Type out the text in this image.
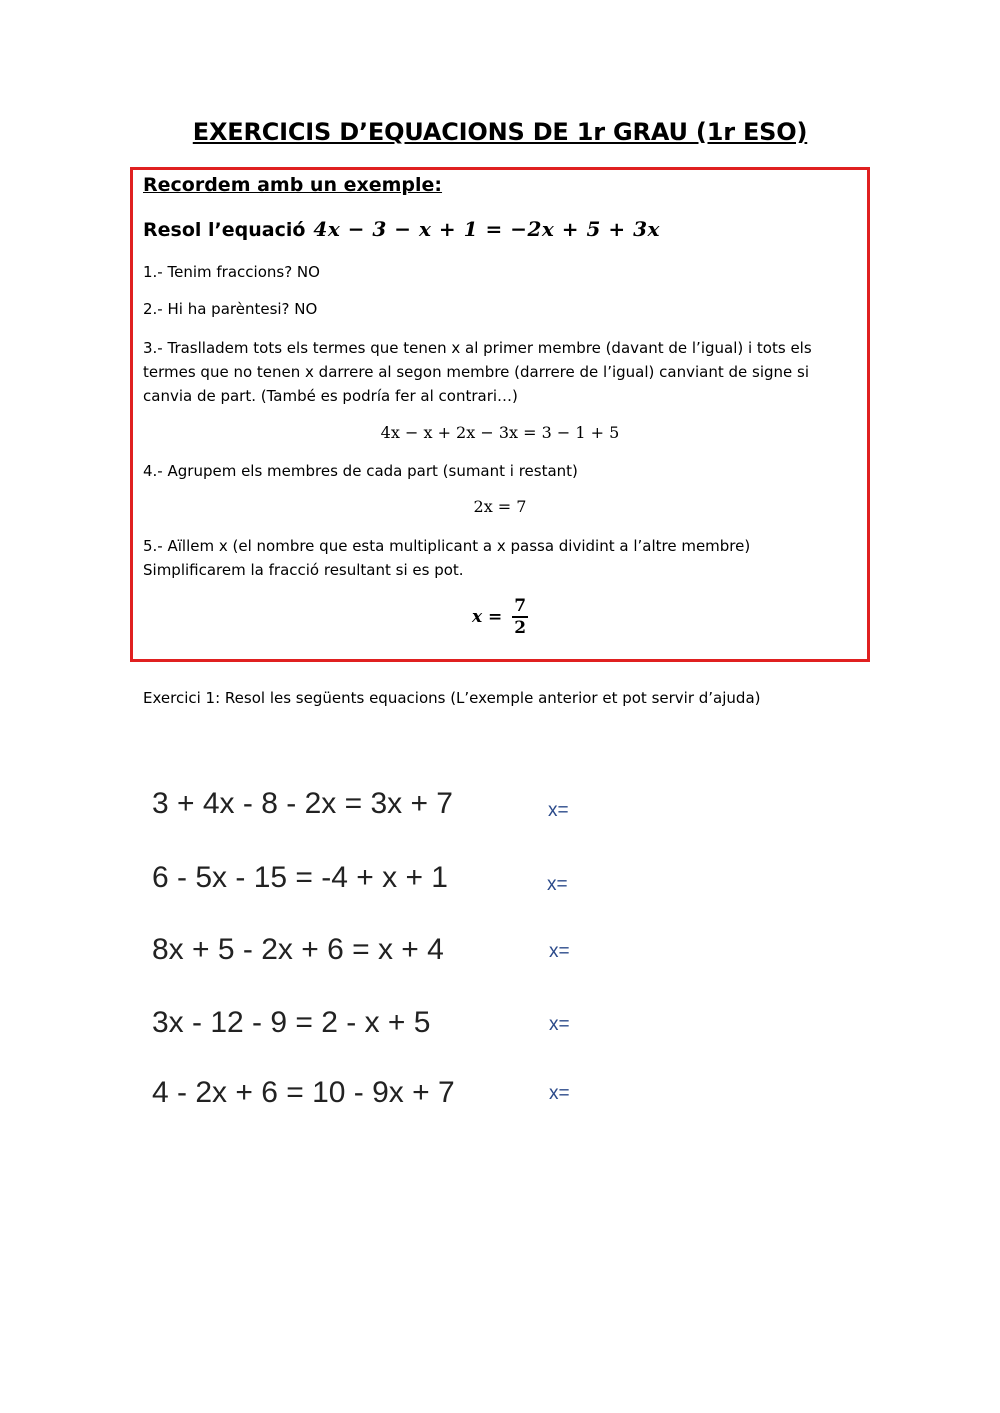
EXERCICIS D’EQUACIONS DE 1r GRAU (1r ESO)
Recordem amb un exemple:
Resol l’equació 4x − 3 − x + 1 = −2x + 5 + 3x
1.- Tenim fraccions? NO
2.- Hi ha parèntesi? NO
3.- Traslladem tots els termes que tenen x al primer membre (davant de l’igual) i tots els termes que no tenen x darrere al segon membre (darrere de l’igual) canviant de signe si canvia de part. (També es podría fer al contrari…)
4x − x + 2x − 3x = 3 − 1 + 5
4.- Agrupem els membres de cada part (sumant i restant)
2x = 7
5.- Aïllem x (el nombre que esta multiplicant a x passa dividint a l’altre membre) Simplificarem la fracció resultant si es pot.
$x = \frac{7}{2}$
Exercici 1: Resol les següents equacions (L’exemple anterior et pot servir d’ajuda)
3 + 4x - 8 - 2x = 3x + 7	x=
6 - 5x - 15 = -4 + x + 1	x=
8x + 5 - 2x + 6 = x + 4	x=
3x - 12 - 9 = 2 - x + 5	x=
4 - 2x + 6 = 10 - 9x + 7	x=
